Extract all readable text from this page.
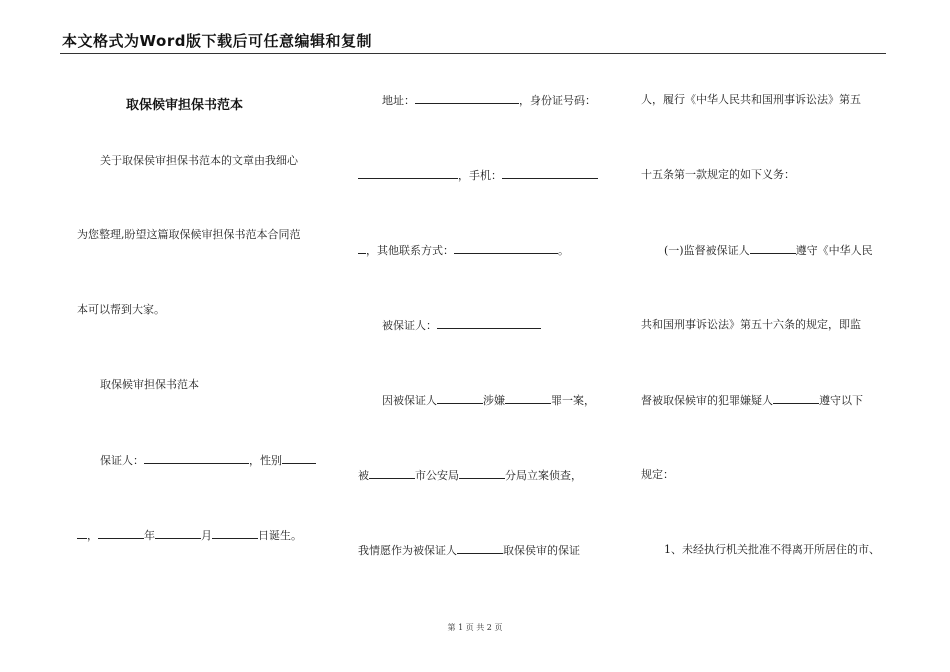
本文格式为Word版下载后可任意编辑和复制
取保候审担保书范本
关于取保侯审担保书范本的文章由我细心
为您整理,盼望这篇取保候审担保书范本合同范
本可以帮到大家。
取保候审担保书范本
保证人：	，性别
，	年	月	日诞生。
地址：	，身份证号码：
，手机：
，其他联系方式：	。
被保证人：
因被保证人	涉嫌	罪一案，
被	市公安局	分局立案侦查，
我情愿作为被保证人	取保侯审的保证
人，履行《中华人民共和国刑事诉讼法》第五
十五条第一款规定的如下义务：
(一)监督被保证人	遵守《中华人民
共和国刑事诉讼法》第五十六条的规定，即监
督被取保候审的犯罪嫌疑人	遵守以下
规定：
1、未经执行机关批准不得离开所居住的市、
第 1 页 共 2 页
